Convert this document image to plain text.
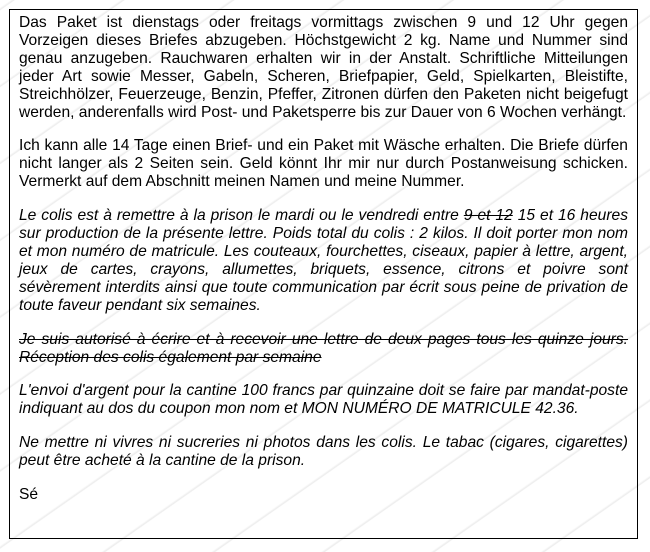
Das Paket ist dienstags oder freitags vormittags zwischen 9 und 12 Uhr gegen Vorzeigen dieses Briefes abzugeben. Höchstgewicht 2 kg. Name und Nummer sind genau anzugeben. Rauchwaren erhalten wir in der Anstalt. Schriftliche Mitteilungen jeder Art sowie Messer, Gabeln, Scheren, Briefpapier, Geld, Spielkarten, Bleistifte, Streichhölzer, Feuerzeuge, Benzin, Pfeffer, Zitronen dürfen den Paketen nicht beigefugt werden, anderenfalls wird Post- und Paketsperre bis zur Dauer von 6 Wochen verhängt.

Ich kann alle 14 Tage einen Brief- und ein Paket mit Wäsche erhalten. Die Briefe dürfen nicht langer als 2 Seiten sein. Geld könnt Ihr mir nur durch Postanweisung schicken. Vermerkt auf dem Abschnitt meinen Namen und meine Nummer.

Le colis est à remettre à la prison le mardi ou le vendredi entre 9 et 12 15 et 16 heures sur production de la présente lettre. Poids total du colis : 2 kilos. Il doit porter mon nom et mon numéro de matricule. Les couteaux, fourchettes, ciseaux, papier à lettre, argent, jeux de cartes, crayons, allumettes, briquets, essence, citrons et poivre sont sévèrement interdits ainsi que toute communication par écrit sous peine de privation de toute faveur pendant six semaines.

Je suis autorisé à écrire et à recevoir une lettre de deux pages tous les quinze jours. Réception des colis également par semaine

L'envoi d'argent pour la cantine 100 francs par quinzaine doit se faire par mandat-poste indiquant au dos du coupon mon nom et MON NUMÉRO DE MATRICULE 42.36.

Ne mettre ni vivres ni sucreries ni photos dans les colis. Le tabac (cigares, cigarettes) peut être acheté à la cantine de la prison.

Sé
